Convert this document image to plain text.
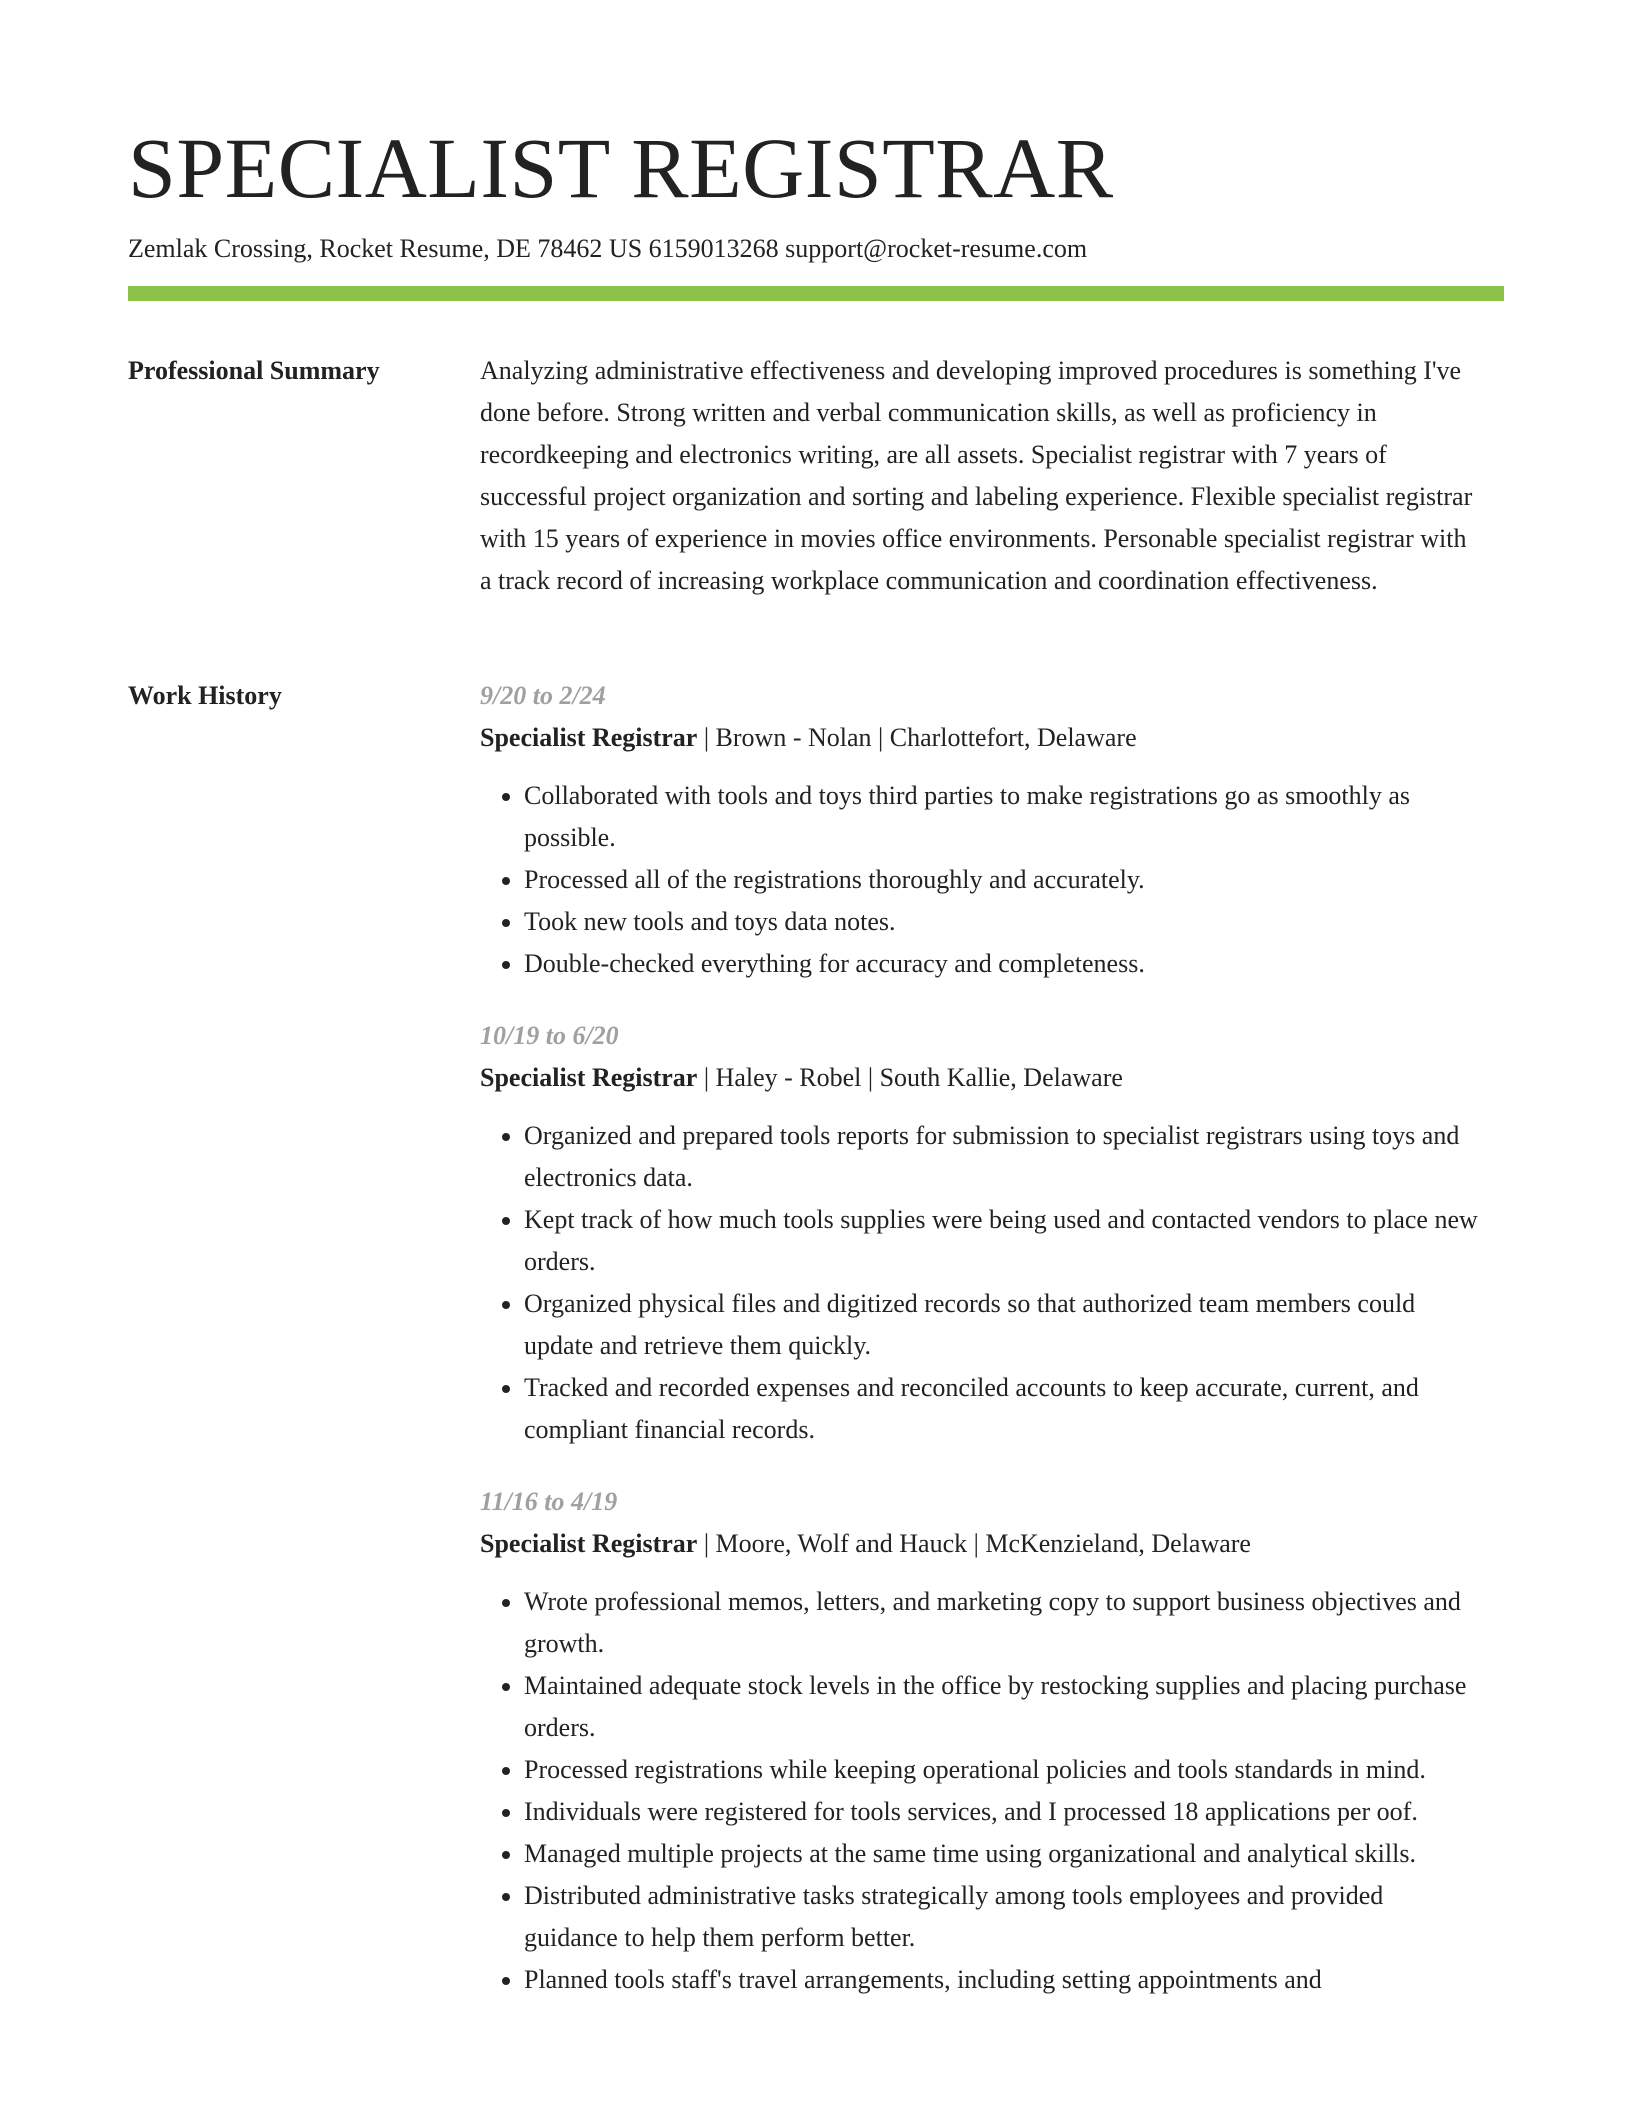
SPECIALIST REGISTRAR
Zemlak Crossing, Rocket Resume, DE 78462 US 6159013268 support@rocket-resume.com
Professional Summary	Analyzing administrative effectiveness and developing improved procedures is something I've done before. Strong written and verbal communication skills, as well as proficiency in recordkeeping and electronics writing, are all assets. Specialist registrar with 7 years of successful project organization and sorting and labeling experience. Flexible specialist registrar with 15 years of experience in movies office environments. Personable specialist registrar with a track record of increasing workplace communication and coordination effectiveness.

Work History	9/20 to 2/24
Specialist Registrar | Brown - Nolan | Charlottefort, Delaware
• Collaborated with tools and toys third parties to make registrations go as smoothly as possible.
• Processed all of the registrations thoroughly and accurately.
• Took new tools and toys data notes.
• Double-checked everything for accuracy and completeness.
10/19 to 6/20
Specialist Registrar | Haley - Robel | South Kallie, Delaware
• Organized and prepared tools reports for submission to specialist registrars using toys and electronics data.
• Kept track of how much tools supplies were being used and contacted vendors to place new orders.
• Organized physical files and digitized records so that authorized team members could update and retrieve them quickly.
• Tracked and recorded expenses and reconciled accounts to keep accurate, current, and compliant financial records.
11/16 to 4/19
Specialist Registrar | Moore, Wolf and Hauck | McKenzieland, Delaware
• Wrote professional memos, letters, and marketing copy to support business objectives and growth.
• Maintained adequate stock levels in the office by restocking supplies and placing purchase orders.
• Processed registrations while keeping operational policies and tools standards in mind.
• Individuals were registered for tools services, and I processed 18 applications per oof.
• Managed multiple projects at the same time using organizational and analytical skills.
• Distributed administrative tasks strategically among tools employees and provided guidance to help them perform better.
• Planned tools staff's travel arrangements, including setting appointments and
